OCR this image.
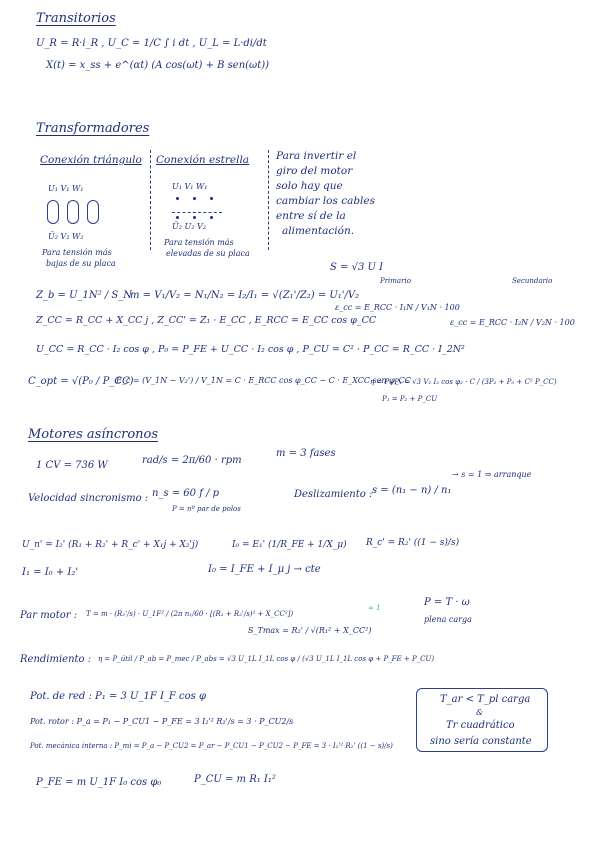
Transitorios
U_R = R·i_R , U_C = 1/C ∫ i dt , U_L = L·di/dt
X(t) = x_ss + e^(αt) (A cos(ωt) + B sen(ωt))
Transformadores
Conexión triángulo Conexión estrella
U₁ V₁ W₁
Ū₂ V₂ W₂
Para tensión más
bajas de su placa
U₁ V₁ W₁
Ū₂ U₂ V₂
Para tensión más
elevadas de su placa
Para invertir el
giro del motor
solo hay que
cambiar los cables
entre sí de la
alimentación.
S = √3 U I
Z_b = U_1N² / S_N
m = V₁/V₂ = N₁/N₂ = I₂/I₁ = √(Z₁'/Z₂) = U₁'/V₂
Primario
ε_cc = E_RCC · I₁N / V₁N · 100
Secundario
ε_cc = E_RCC · I₂N / V₂N · 100
Z_CC = R_CC + X_CC j , Z_CC' = Z₁ · E_CC , E_RCC = E_CC cos φ_CC
U_CC = R_CC · I₂ cos φ , P₀ = P_FE + U_CC · I₂ cos φ , P_CU = C² · P_CC = R_CC · I_2N²
C_opt = √(P₀ / P_CC)
E_c = (V_1N − V₂') / V_1N = C · E_RCC cos φ_CC − C · E_XCC sen φ_CC
η = P₂/P₁ = √3 V₂ I₂ cos φ₂ · C / (3P₂ + P₀ + C² P_CC)
P₁ = P₂ + P_CU
Motores asíncronos
1 CV = 736 W	rad/s = 2π/60 · rpm
m = 3 fases
Velocidad sincronismo : n_s = 60 f / p
P = nº par de polos
Deslizamiento : s = (n₁ − n) / n₁
→ s = 1 ⇒ arranque
U_n' = I₂' (R₁ + R₂' + R_c' + X₁j + X₂'j)	I₀ = E₁' (1/R_FE + 1/X_μ) R_c' = R₂' ((1 − s)/s)
I₁ = I₀ + I₂'	I₀ = I_FE + I_μ j → cte
Par motor : T = m · (R₂'/s) · U_1F² / (2π n₁/60 · [(R₁ + R₂'/s)² + X_CC²])
S_Tmax = R₂' / √(R₁² + X_CC²)
≈ 1	P = T · ω
plena carga
Rendimiento : η = P_útil / P_ab = P_mec / P_abs = √3 U_1L I_1L cos φ / (√3 U_1L I_1L cos φ + P_FE + P_CU)
Pot. de red : P₁ = 3 U_1F I_F cos φ
Pot. rotor : P_a = P₁ − P_CU1 − P_FE = 3 I₂'² R₂'/s = 3 · P_CU2/s
Pot. mecánica interna : P_mi = P_a − P_CU2 = P_ar − P_CU1 − P_CU2 − P_FE = 3 · I₂'² R₂' ((1 − s)/s)
P_FE = m U_1F I₀ cos φ₀	P_CU = m R₁ I₁²
T_ar < T_pl carga
&
Tr cuadrático
sino sería constante
